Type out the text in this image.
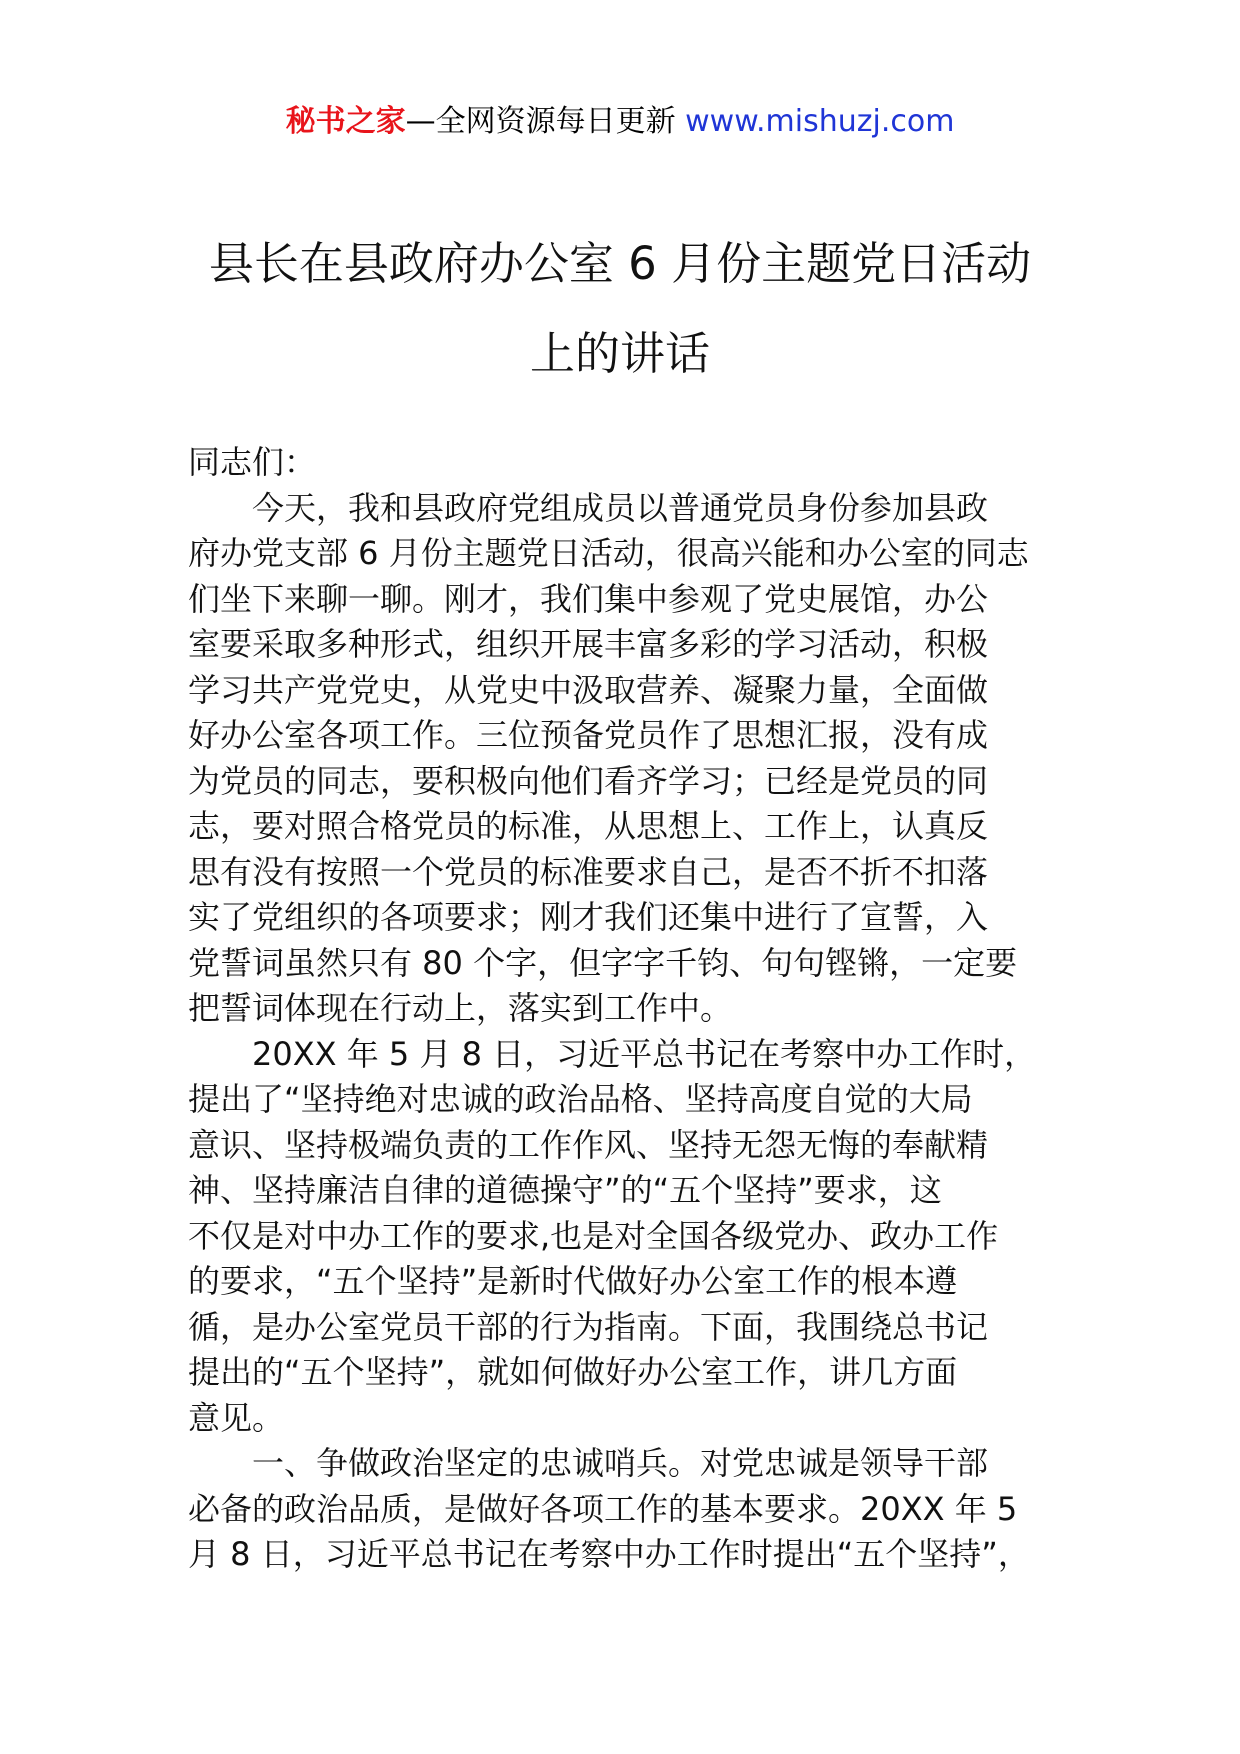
秘书之家—全网资源每日更新 www.mishuzj.com
县长在县政府办公室 6 月份主题党日活动
上的讲话
同志们：
　　今天，我和县政府党组成员以普通党员身份参加县政
府办党支部 6 月份主题党日活动，很高兴能和办公室的同志
们坐下来聊一聊。刚才，我们集中参观了党史展馆，办公
室要采取多种形式，组织开展丰富多彩的学习活动，积极
学习共产党党史，从党史中汲取营养、凝聚力量，全面做
好办公室各项工作。三位预备党员作了思想汇报，没有成
为党员的同志，要积极向他们看齐学习；已经是党员的同
志，要对照合格党员的标准，从思想上、工作上，认真反
思有没有按照一个党员的标准要求自己，是否不折不扣落
实了党组织的各项要求；刚才我们还集中进行了宣誓，入
党誓词虽然只有 80 个字，但字字千钧、句句铿锵，一定要
把誓词体现在行动上，落实到工作中。
　　20XX 年 5 月 8 日，习近平总书记在考察中办工作时，
提出了“坚持绝对忠诚的政治品格、坚持高度自觉的大局
意识、坚持极端负责的工作作风、坚持无怨无悔的奉献精
神、坚持廉洁自律的道德操守”的“五个坚持”要求，这
不仅是对中办工作的要求,也是对全国各级党办、政办工作
的要求，“五个坚持”是新时代做好办公室工作的根本遵
循，是办公室党员干部的行为指南。下面，我围绕总书记
提出的“五个坚持”，就如何做好办公室工作，讲几方面
意见。
　　一、争做政治坚定的忠诚哨兵。对党忠诚是领导干部
必备的政治品质，是做好各项工作的基本要求。20XX 年 5
月 8 日，习近平总书记在考察中办工作时提出“五个坚持”，
